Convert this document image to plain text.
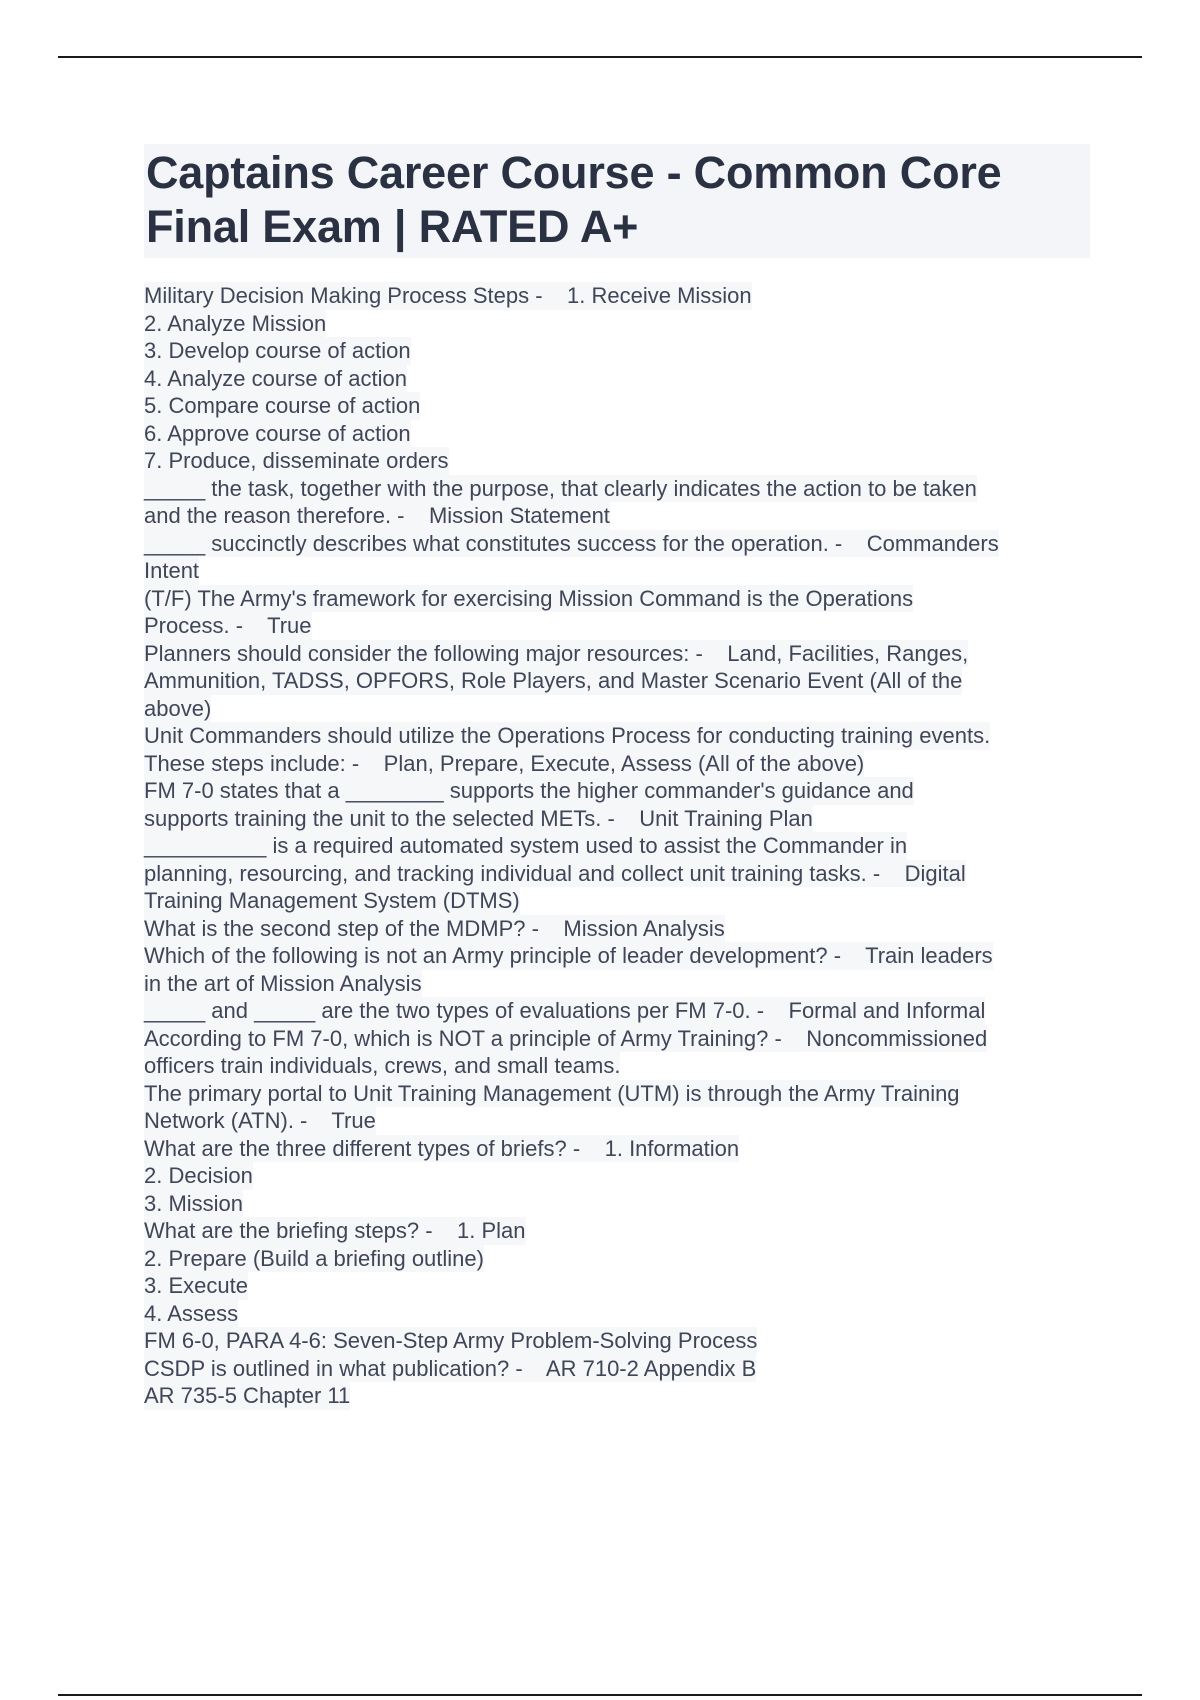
Captains Career Course - Common Core
Final Exam | RATED A+
Military Decision Making Process Steps -    1. Receive Mission
2. Analyze Mission
3. Develop course of action
4. Analyze course of action
5. Compare course of action
6. Approve course of action
7. Produce, disseminate orders
_____ the task, together with the purpose, that clearly indicates the action to be taken
and the reason therefore. -    Mission Statement
_____ succinctly describes what constitutes success for the operation. -    Commanders
Intent
(T/F) The Army's framework for exercising Mission Command is the Operations
Process. -    True
Planners should consider the following major resources: -    Land, Facilities, Ranges,
Ammunition, TADSS, OPFORS, Role Players, and Master Scenario Event (All of the
above)
Unit Commanders should utilize the Operations Process for conducting training events.
These steps include: -    Plan, Prepare, Execute, Assess (All of the above)
FM 7-0 states that a ________ supports the higher commander's guidance and
supports training the unit to the selected METs. -    Unit Training Plan
__________ is a required automated system used to assist the Commander in
planning, resourcing, and tracking individual and collect unit training tasks. -    Digital
Training Management System (DTMS)
What is the second step of the MDMP? -    Mission Analysis
Which of the following is not an Army principle of leader development? -    Train leaders
in the art of Mission Analysis
_____ and _____ are the two types of evaluations per FM 7-0. -    Formal and Informal
According to FM 7-0, which is NOT a principle of Army Training? -    Noncommissioned
officers train individuals, crews, and small teams.
The primary portal to Unit Training Management (UTM) is through the Army Training
Network (ATN). -    True
What are the three different types of briefs? -    1. Information
2. Decision
3. Mission
What are the briefing steps? -    1. Plan
2. Prepare (Build a briefing outline)
3. Execute
4. Assess
FM 6-0, PARA 4-6: Seven-Step Army Problem-Solving Process
CSDP is outlined in what publication? -    AR 710-2 Appendix B
AR 735-5 Chapter 11
